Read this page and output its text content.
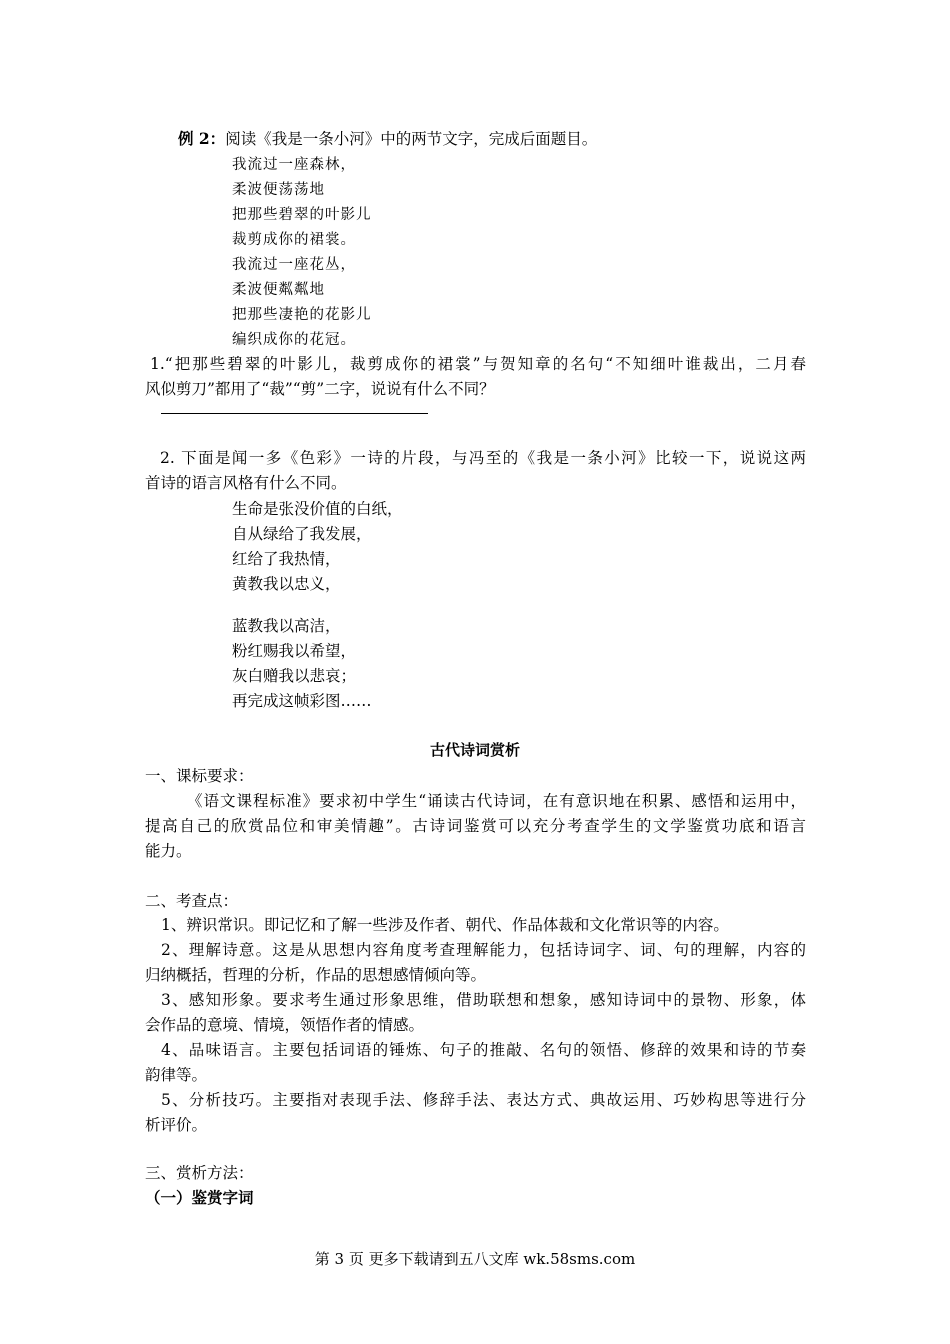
例 2：阅读《我是一条小河》中的两节文字，完成后面题目。
我流过一座森林，
柔波便荡荡地
把那些碧翠的叶影儿
裁剪成你的裙裳。
我流过一座花丛，
柔波便粼粼地
把那些凄艳的花影儿
编织成你的花冠。
1.“把那些碧翠的叶影儿，裁剪成你的裙裳”与贺知章的名句“不知细叶谁裁出，二月春
风似剪刀”都用了“裁”“剪”二字，说说有什么不同？
2. 下面是闻一多《色彩》一诗的片段，与冯至的《我是一条小河》比较一下，说说这两
首诗的语言风格有什么不同。
生命是张没价值的白纸，
自从绿给了我发展，
红给了我热情，
黄教我以忠义，
蓝教我以高洁，
粉红赐我以希望，
灰白赠我以悲哀；
再完成这帧彩图……
古代诗词赏析
一、课标要求：
《语文课程标准》要求初中学生“诵读古代诗词，在有意识地在积累、感悟和运用中，
提高自己的欣赏品位和审美情趣”。古诗词鉴赏可以充分考查学生的文学鉴赏功底和语言
能力。
二、考查点：
1、辨识常识。即记忆和了解一些涉及作者、朝代、作品体裁和文化常识等的内容。
2、理解诗意。这是从思想内容角度考查理解能力，包括诗词字、词、句的理解，内容的
归纳概括，哲理的分析，作品的思想感情倾向等。
3、感知形象。要求考生通过形象思维，借助联想和想象，感知诗词中的景物、形象，体
会作品的意境、情境，领悟作者的情感。
4、品味语言。主要包括词语的锤炼、句子的推敲、名句的领悟、修辞的效果和诗的节奏
韵律等。
5、分析技巧。主要指对表现手法、修辞手法、表达方式、典故运用、巧妙构思等进行分
析评价。
三、赏析方法：
（一）鉴赏字词
第 3 页 更多下载请到五八文库 wk.58sms.com
